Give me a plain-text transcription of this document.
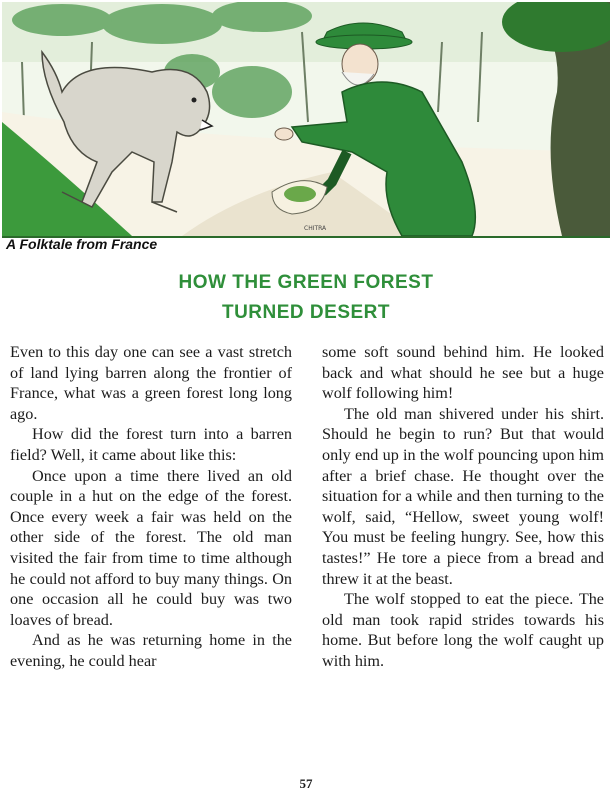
CHITRA
A Folktale from France
HOW THE GREEN FOREST
TURNED DESERT

Even to this day one can see a vast stretch of land lying barren along the frontier of France, what was a green forest long long ago.

How did the forest turn into a barren field? Well, it came about like this:

Once upon a time there lived an old couple in a hut on the edge of the forest. Once every week a fair was held on the other side of the forest. The old man visited the fair from time to time although he could not afford to buy many things. On one occasion all he could buy was two loaves of bread.

And as he was returning home in the evening, he could hear

some soft sound behind him. He looked back and what should he see but a huge wolf following him!

The old man shivered under his shirt. Should he begin to run? But that would only end up in the wolf pouncing upon him after a brief chase. He thought over the situation for a while and then turning to the wolf, said, “Hellow, sweet young wolf! You must be feeling hungry. See, how this tastes!” He tore a piece from a bread and threw it at the beast.

The wolf stopped to eat the piece. The old man took rapid strides towards his home. But before long the wolf caught up with him.

57
